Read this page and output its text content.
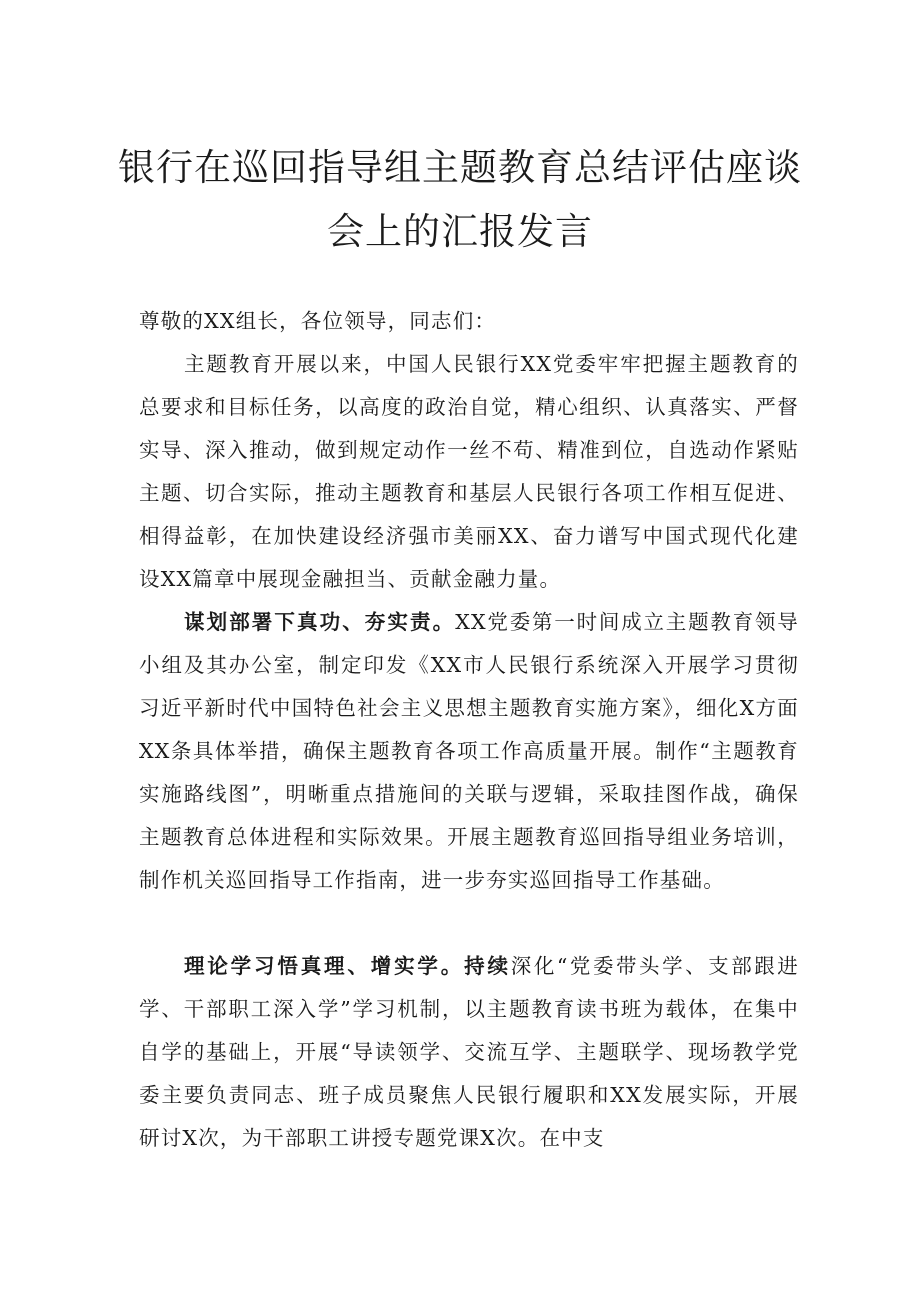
银行在巡回指导组主题教育总结评估座谈
会上的汇报发言

尊敬的XX组长，各位领导，同志们：

主题教育开展以来，中国人民银行XX党委牢牢把握主题教育的总要求和目标任务，以高度的政治自觉，精心组织、认真落实、严督实导、深入推动，做到规定动作一丝不苟、精准到位，自选动作紧贴主题、切合实际，推动主题教育和基层人民银行各项工作相互促进、相得益彰，在加快建设经济强市美丽XX、奋力谱写中国式现代化建设XX篇章中展现金融担当、贡献金融力量。

谋划部署下真功、夯实责。XX党委第一时间成立主题教育领导小组及其办公室，制定印发《XX市人民银行系统深入开展学习贯彻习近平新时代中国特色社会主义思想主题教育实施方案》，细化X方面XX条具体举措，确保主题教育各项工作高质量开展。制作“主题教育实施路线图”，明晰重点措施间的关联与逻辑，采取挂图作战，确保主题教育总体进程和实际效果。开展主题教育巡回指导组业务培训，制作机关巡回指导工作指南，进一步夯实巡回指导工作基础。

理论学习悟真理、增实学。持续深化“党委带头学、支部跟进学、干部职工深入学”学习机制，以主题教育读书班为载体，在集中自学的基础上，开展“导读领学、交流互学、主题联学、现场教学党委主要负责同志、班子成员聚焦人民银行履职和XX发展实际，开展研讨X次，为干部职工讲授专题党课X次。在中支
